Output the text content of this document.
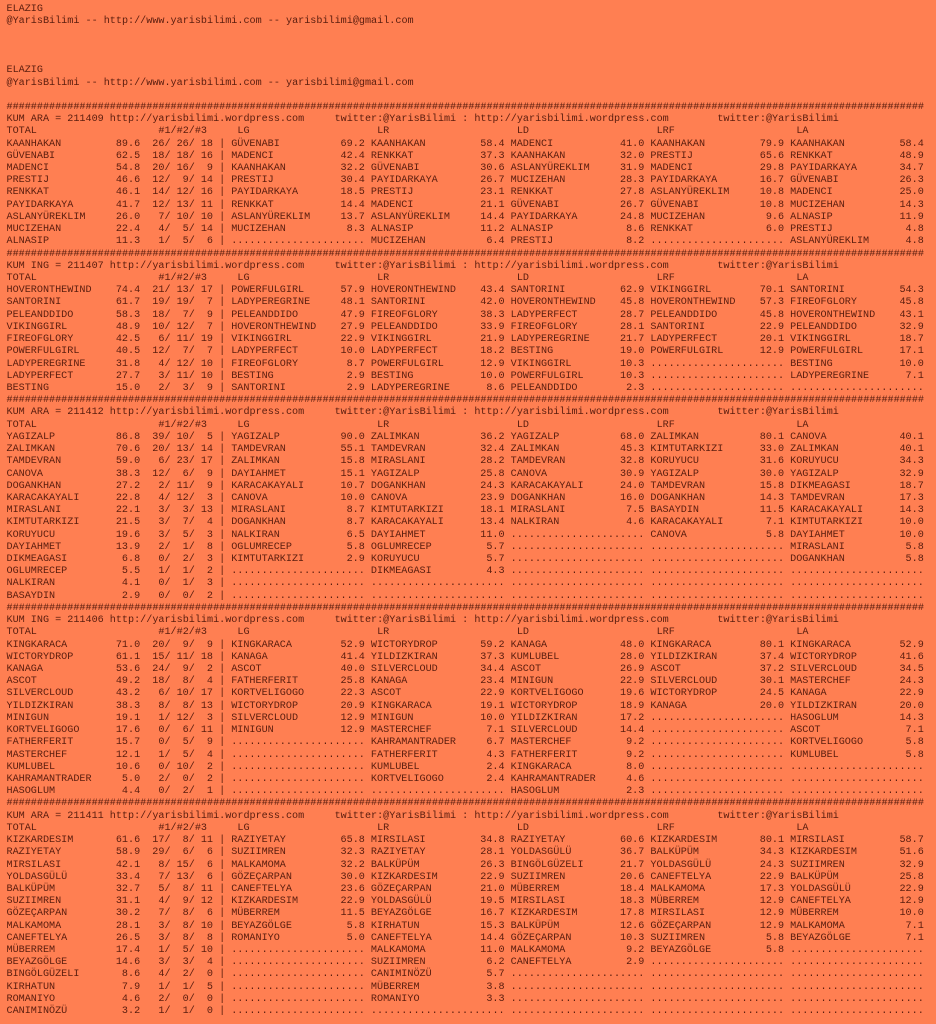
ELAZIG
@YarisBilimi -- http://www.yarisbilimi.com -- yarisbilimi@gmail.com
ELAZIG
@YarisBilimi -- http://www.yarisbilimi.com -- yarisbilimi@gmail.com
#######################################################################################################################################################
KUM ARA = 211409 http://yarisbilimi.wordpress.com	twitter:@YarisBilimi : http://yarisbilimi.wordpress.com	twitter:@YarisBilimi
TOTAL	#1/#2/#3	LG	LR	LD	LRF	LA
KAANHAKAN	89.6 26/ 26/ 18 | GÜVENABI	69.2 KAANHAKAN	58.4 MADENCI	41.0 KAANHAKAN	79.9 KAANHAKAN	58.4
GÜVENABI	62.5 18/ 18/ 16 | MADENCI	42.4 RENKKAT	37.3 KAANHAKAN	32.0 PRESTIJ	65.6 RENKKAT	48.9
MADENCI	54.8 20/ 16/ 9 | KAANHAKAN	32.2 GÜVENABI	30.6 ASLANYÜREKLIM	31.9 MADENCI	29.8 PAYIDARKAYA	34.7
PRESTIJ	46.6 12/ 9/ 14 | PRESTIJ	30.4 PAYIDARKAYA	26.7 MUCIZEHAN	28.3 PAYIDARKAYA	16.7 GÜVENABI	26.3
RENKKAT	46.1 14/ 12/ 16 | PAYIDARKAYA	18.5 PRESTIJ	23.1 RENKKAT	27.8 ASLANYÜREKLIM	10.8 MADENCI	25.0
PAYIDARKAYA	41.7 12/ 13/ 11 | RENKKAT	14.4 MADENCI	21.1 GÜVENABI	26.7 GÜVENABI	10.8 MUCIZEHAN	14.3
ASLANYÜREKLIM	26.0 7/ 10/ 10 | ASLANYÜREKLIM	13.7 ASLANYÜREKLIM	14.4 PAYIDARKAYA	24.8 MUCIZEHAN	9.6 ALNASIP	11.9
MUCIZEHAN	22.4 4/ 5/ 14 | MUCIZEHAN	8.3 ALNASIP	11.2 ALNASIP	8.6 RENKKAT	6.0 PRESTIJ	4.8
ALNASIP	11.3 1/ 5/ 6 | ...................... MUCIZEHAN	6.4 PRESTIJ	8.2 ...................... ASLANYÜREKLIM	4.8
#######################################################################################################################################################
KUM ING = 211407 http://yarisbilimi.wordpress.com	twitter:@YarisBilimi : http://yarisbilimi.wordpress.com	twitter:@YarisBilimi
TOTAL	#1/#2/#3	LG	LR	LD	LRF	LA
HOVERONTHEWIND 74.4 21/ 13/ 17 | POWERFULGIRL	57.9 HOVERONTHEWIND 43.4 SANTORINI	62.9 VIKINGGIRL	70.1 SANTORINI	54.3
SANTORINI	61.7 19/ 19/ 7 | LADYPEREGRINE	48.1 SANTORINI	42.0 HOVERONTHEWIND 45.8 HOVERONTHEWIND 57.3 FIREOFGLORY	45.8
PELEANDDIDO	58.3 18/ 7/ 9 | PELEANDDIDO	47.9 FIREOFGLORY	38.3 LADYPERFECT	28.7 PELEANDDIDO	45.8 HOVERONTHEWIND 43.1
VIKINGGIRL	48.9 10/ 12/ 7 | HOVERONTHEWIND 27.9 PELEANDDIDO	33.9 FIREOFGLORY	28.1 SANTORINI	22.9 PELEANDDIDO	32.9
FIREOFGLORY	42.5 6/ 11/ 19 | VIKINGGIRL	22.9 VIKINGGIRL	21.9 LADYPEREGRINE	21.7 LADYPERFECT	20.1 VIKINGGIRL	18.7
POWERFULGIRL	40.5 12/ 7/ 7 | LADYPERFECT	10.0 LADYPERFECT	18.2 BESTING	19.0 POWERFULGIRL	12.9 POWERFULGIRL	17.1
LADYPEREGRINE	31.8 4/ 12/ 10 | FIREOFGLORY	8.7 POWERFULGIRL	12.9 VIKINGGIRL	10.3 ...................... BESTING	10.0
LADYPERFECT	27.7 3/ 11/ 10 | BESTING	2.9 BESTING	10.0 POWERFULGIRL	10.3 ...................... LADYPEREGRINE	7.1
BESTING	15.0 2/ 3/ 9 | SANTORINI	2.9 LADYPEREGRINE	8.6 PELEANDDIDO	2.3 ...................... ......................
#######################################################################################################################################################
KUM ARA = 211412 http://yarisbilimi.wordpress.com	twitter:@YarisBilimi : http://yarisbilimi.wordpress.com	twitter:@YarisBilimi
TOTAL	#1/#2/#3	LG	LR	LD	LRF	LA
YAGIZALP	86.8 39/ 10/ 5 | YAGIZALP	90.0 ZALIMKAN	36.2 YAGIZALP	68.0 ZALIMKAN	80.1 CANOVA	40.1
ZALIMKAN	70.6 20/ 13/ 14 | TAMDEVRAN	55.1 TAMDEVRAN	32.4 ZALIMKAN	45.3 KIMTUTARKIZI	33.0 ZALIMKAN	40.1
TAMDEVRAN	59.0 6/ 23/ 17 | ZALIMKAN	15.8 MIRASLANI	28.2 TAMDEVRAN	32.8 KORUYUCU	31.6 KORUYUCU	34.3
CANOVA	38.3 12/ 6/ 9 | DAYIAHMET	15.1 YAGIZALP	25.8 CANOVA	30.9 YAGIZALP	30.0 YAGIZALP	32.9
DOGANKHAN	27.2 2/ 11/ 9 | KARACAKAYALI	10.7 DOGANKHAN	24.3 KARACAKAYALI	24.0 TAMDEVRAN	15.8 DIKMEAGASI	18.7
KARACAKAYALI	22.8 4/ 12/ 3 | CANOVA	10.0 CANOVA	23.9 DOGANKHAN	16.0 DOGANKHAN	14.3 TAMDEVRAN	17.3
MIRASLANI	22.1 3/ 3/ 13 | MIRASLANI	8.7 KIMTUTARKIZI	18.1 MIRASLANI	7.5 BASAYDIN	11.5 KARACAKAYALI	14.3
KIMTUTARKIZI	21.5 3/ 7/ 4 | DOGANKHAN	8.7 KARACAKAYALI	13.4 NALKIRAN	4.6 KARACAKAYALI	7.1 KIMTUTARKIZI	10.0
KORUYUCU	19.6 3/ 5/ 3 | NALKIRAN	6.5 DAYIAHMET	11.0 ...................... CANOVA	5.8 DAYIAHMET	10.0
DAYIAHMET	13.9 2/ 1/ 8 | OGLUMRECEP	5.8 OGLUMRECEP	5.7 ...................... ...................... MIRASLANI	5.8
DIKMEAGASI	6.8 0/ 2/ 3 | KIMTUTARKIZI	2.9 KORUYUCU	5.7 ...................... ...................... DOGANKHAN	5.8
OGLUMRECEP	5.5 1/ 1/ 2 | ...................... DIKMEAGASI	4.3 ...................... ...................... ......................
NALKIRAN	4.1 0/ 1/ 3 | ...................... ...................... ...................... ...................... ......................
BASAYDIN	2.9 0/ 0/ 2 | ...................... ...................... ...................... ...................... ......................
#######################################################################################################################################################
KUM ING = 211406 http://yarisbilimi.wordpress.com	twitter:@YarisBilimi : http://yarisbilimi.wordpress.com	twitter:@YarisBilimi
TOTAL	#1/#2/#3	LG	LR	LD	LRF	LA
KINGKARACA	71.0 20/ 9/ 9 | KINGKARACA	52.9 WICTORYDROP	59.2 KANAGA	48.0 KINGKARACA	80.1 KINGKARACA	52.9
WICTORYDROP	61.1 15/ 11/ 18 | KANAGA	41.4 YILDIZKIRAN	37.3 KUMLUBEL	28.0 YILDIZKIRAN	37.4 WICTORYDROP	41.6
KANAGA	53.6 24/ 9/ 2 | ASCOT	40.0 SILVERCLOUD	34.4 ASCOT	26.9 ASCOT	37.2 SILVERCLOUD	34.5
ASCOT	49.2 18/ 8/ 4 | FATHERFERIT	25.8 KANAGA	23.4 MINIGUN	22.9 SILVERCLOUD	30.1 MASTERCHEF	24.3
SILVERCLOUD	43.2 6/ 10/ 17 | KORTVELIGOGO	22.3 ASCOT	22.9 KORTVELIGOGO	19.6 WICTORYDROP	24.5 KANAGA	22.9
YILDIZKIRAN	38.3 8/ 8/ 13 | WICTORYDROP	20.9 KINGKARACA	19.1 WICTORYDROP	18.9 KANAGA	20.0 YILDIZKIRAN	20.0
MINIGUN	19.1 1/ 12/ 3 | SILVERCLOUD	12.9 MINIGUN	10.0 YILDIZKIRAN	17.2 ...................... HASOGLUM	14.3
KORTVELIGOGO	17.6 0/ 6/ 11 | MINIGUN	12.9 MASTERCHEF	7.1 SILVERCLOUD	14.4 ...................... ASCOT	7.1
FATHERFERIT	15.7 0/ 5/ 9 | ...................... KAHRAMANTRADER	6.7 MASTERCHEF	9.2 ...................... KORTVELIGOGO	5.8
MASTERCHEF	12.1 1/ 5/ 4 | ...................... FATHERFERIT	4.3 FATHERFERIT	9.2 ...................... KUMLUBEL	5.8
KUMLUBEL	10.6 0/ 10/ 2 | ...................... KUMLUBEL	2.4 KINGKARACA	8.0 ...................... ......................
KAHRAMANTRADER	5.0 2/ 0/ 2 | ...................... KORTVELIGOGO	2.4 KAHRAMANTRADER	4.6 ...................... ......................
HASOGLUM	4.4 0/ 2/ 1 | ...................... ...................... HASOGLUM	2.3 ...................... ......................
#######################################################################################################################################################
KUM ARA = 211411 http://yarisbilimi.wordpress.com	twitter:@YarisBilimi : http://yarisbilimi.wordpress.com	twitter:@YarisBilimi
TOTAL	#1/#2/#3	LG	LR	LD	LRF	LA
KIZKARDESIM	61.6 17/ 8/ 11 | RAZIYETAY	65.8 MIRSILASI	34.8 RAZIYETAY	60.6 KIZKARDESIM	80.1 MIRSILASI	58.7
RAZIYETAY	58.9 29/ 6/ 6 | SUZIIMREN	32.3 RAZIYETAY	28.1 YOLDASGÜLÜ	36.7 BALKÜPÜM	34.3 KIZKARDESIM	51.6
MIRSILASI	42.1 8/ 15/ 6 | MALKAMOMA	32.2 BALKÜPÜM	26.3 BINGÖLGÜZELI	21.7 YOLDASGÜLÜ	24.3 SUZIIMREN	32.9
YOLDASGÜLÜ	33.4 7/ 13/ 6 | GÖZEÇARPAN	30.0 KIZKARDESIM	22.9 SUZIIMREN	20.6 CANEFTELYA	22.9 BALKÜPÜM	25.8
BALKÜPÜM	32.7 5/ 8/ 11 | CANEFTELYA	23.6 GÖZEÇARPAN	21.0 MÜBERREM	18.4 MALKAMOMA	17.3 YOLDASGÜLÜ	22.9
SUZIIMREN	31.1 4/ 9/ 12 | KIZKARDESIM	22.9 YOLDASGÜLÜ	19.5 MIRSILASI	18.3 MÜBERREM	12.9 CANEFTELYA	12.9
GÖZEÇARPAN	30.2 7/ 8/ 6 | MÜBERREM	11.5 BEYAZGÖLGE	16.7 KIZKARDESIM	17.8 MIRSILASI	12.9 MÜBERREM	10.0
MALKAMOMA	28.1 3/ 8/ 10 | BEYAZGÖLGE	5.8 KIRHATUN	15.3 BALKÜPÜM	12.6 GÖZEÇARPAN	12.9 MALKAMOMA	7.1
CANEFTELYA	26.5 3/ 8/ 8 | ROMANIYO	5.0 CANEFTELYA	14.4 GÖZEÇARPAN	10.3 SUZIIMREN	5.8 BEYAZGÖLGE	7.1
MÜBERREM	17.4 1/ 5/ 10 | ...................... MALKAMOMA	11.0 MALKAMOMA	9.2 BEYAZGÖLGE	5.8 ......................
BEYAZGÖLGE	14.6 3/ 3/ 4 | ...................... SUZIIMREN	6.2 CANEFTELYA	2.9 ...................... ......................
BINGÖLGÜZELI	8.6 4/ 2/ 0 | ...................... CANIMINÖZÜ	5.7 ...................... ...................... ......................
KIRHATUN	7.9 1/ 1/ 5 | ...................... MÜBERREM	3.8 ...................... ...................... ......................
ROMANIYO	4.6 2/ 0/ 0 | ...................... ROMANIYO	3.3 ...................... ...................... ......................
CANIMINÖZÜ	3.2 1/ 1/ 0 | ...................... ...................... ...................... ...................... ......................
